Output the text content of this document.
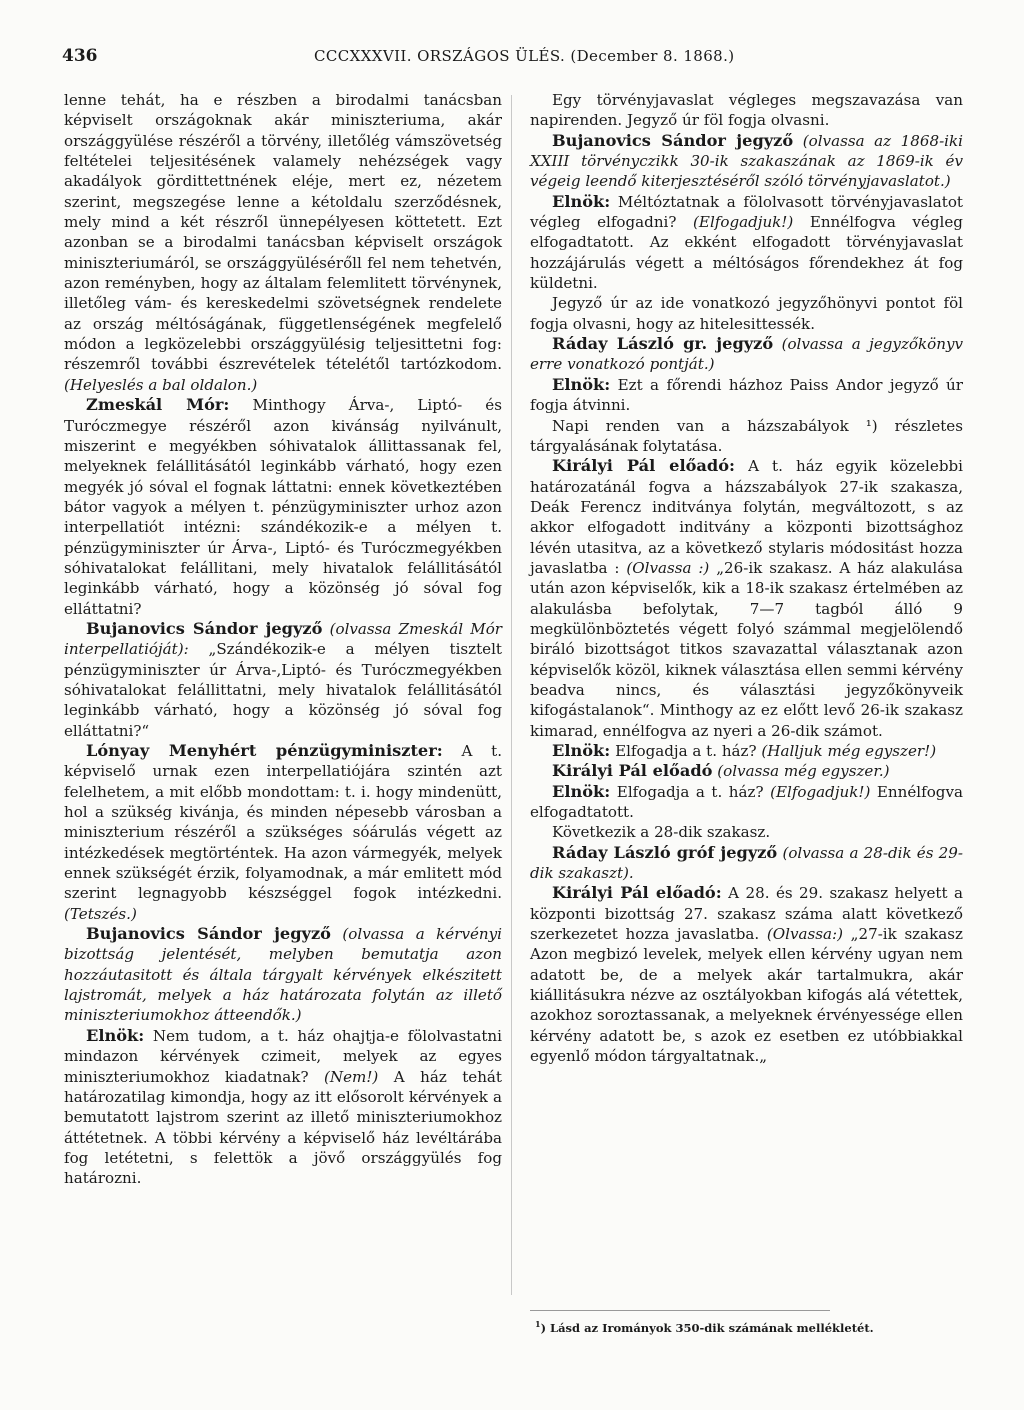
436	CCCXXXVII. ORSZÁGOS ÜLÉS. (December 8. 1868.)

lenne tehát, ha e részben a birodalmi tanácsban képviselt országoknak akár miniszteriuma, akár országgyülése részéről a törvény, illetőlég vámszövetség feltételei teljesitésének valamely nehézségek vagy akadályok gördittettnének eléje, mert ez, nézetem szerint, megszegése lenne a kétoldalu szerződésnek, mely mind a két részről ünnepélyesen köttetett. Ezt azonban se a birodalmi tanácsban képviselt országok miniszteriumáról, se országgyülésérőll fel nem tehetvén, azon reményben, hogy az általam felemlitett törvénynek, illetőleg vám- és kereskedelmi szövetségnek rendelete az ország méltóságának, függetlenségének megfelelő módon a legközelebbi országgyülésig teljesittetni fog: részemről további észrevételek tételétől tartózkodom. (Helyeslés a bal oldalon.)

Zmeskál Mór: Minthogy Árva-, Liptó- és Turóczmegye részéről azon kivánság nyilvánult, miszerint e megyékben sóhivatalok állittassanak fel, melyeknek felállitásától leginkább várható, hogy ezen megyék jó sóval el fognak láttatni: ennek következtében bátor vagyok a mélyen t. pénzügyminiszter urhoz azon interpellatiót intézni: szándékozik-e a mélyen t. pénzügyminiszter úr Árva-, Liptó- és Turóczmegyékben sóhivatalokat felállitani, mely hivatalok felállitásától leginkább várható, hogy a közönség jó sóval fog elláttatni?

Bujanovics Sándor jegyző (olvassa Zmeskál Mór interpellatióját): „Szándékozik-e a mélyen tisztelt pénzügyminiszter úr Árva-,Liptó- és Turóczmegyékben sóhivatalokat felállittatni, mely hivatalok felállitásától leginkább várható, hogy a közönség jó sóval fog elláttatni?“

Lónyay Menyhért pénzügyminiszter: A t. képviselő urnak ezen interpellatiójára szintén azt felelhetem, a mit előbb mondottam: t. i. hogy mindenütt, hol a szükség kivánja, és minden népesebb városban a miniszterium részéről a szükséges sóárulás végett az intézkedések megtörténtek. Ha azon vármegyék, melyek ennek szükségét érzik, folyamodnak, a már emlitett mód szerint legnagyobb készséggel fogok intézkedni. (Tetszés.)

Bujanovics Sándor jegyző (olvassa a kérvényi bizottság jelentését, melyben bemutatja azon hozzáutasitott és általa tárgyalt kérvények elkészitett lajstromát, melyek a ház határozata folytán az illető miniszteriumokhoz átteendők.)

Elnök: Nem tudom, a t. ház ohajtja-e fölolvastatni mindazon kérvények czimeit, melyek az egyes miniszteriumokhoz kiadatnak? (Nem!) A ház tehát határozatilag kimondja, hogy az itt elősorolt kérvények a bemutatott lajstrom szerint az illető miniszteriumokhoz áttétetnek. A többi kérvény a képviselő ház levéltárába fog letétetni, s felettök a jövő országgyülés fog határozni.

Egy törvényjavaslat végleges megszavazása van napirenden. Jegyző úr föl fogja olvasni.

Bujanovics Sándor jegyző (olvassa az 1868-iki XXIII törvényczikk 30-ik szakaszának az 1869-ik év végeig leendő kiterjesztéséről szóló törvényjavaslatot.)

Elnök: Méltóztatnak a fölolvasott törvényjavaslatot végleg elfogadni? (Elfogadjuk!) Ennélfogva végleg elfogadtatott. Az ekként elfogadott törvényjavaslat hozzájárulás végett a méltóságos főrendekhez át fog küldetni.

Jegyző úr az ide vonatkozó jegyzőhönyvi pontot föl fogja olvasni, hogy az hitelesittessék.

Ráday László gr. jegyző (olvassa a jegyzőkönyv erre vonatkozó pontját.)

Elnök: Ezt a főrendi házhoz Paiss Andor jegyző úr fogja átvinni.

Napi renden van a házszabályok ¹) részletes tárgyalásának folytatása.

Királyi Pál előadó: A t. ház egyik közelebbi határozatánál fogva a házszabályok 27-ik szakasza, Deák Ferencz inditványa folytán, megváltozott, s az akkor elfogadott inditvány a központi bizottsághoz lévén utasitva, az a következő stylaris módositást hozza javaslatba : (Olvassa :) „26-ik szakasz. A ház alakulása után azon képviselők, kik a 18-ik szakasz értelmében az alakulásba befolytak, 7—7 tagból álló 9 megkülönböztetés végett folyó számmal megjelölendő biráló bizottságot titkos szavazattal választanak azon képviselők közöl, kiknek választása ellen semmi kérvény beadva nincs, és választási jegyzőkönyveik kifogástalanok“. Minthogy az ez előtt levő 26-ik szakasz kimarad, ennélfogva az nyeri a 26-dik számot.

Elnök: Elfogadja a t. ház? (Halljuk még egyszer!)

Királyi Pál előadó (olvassa még egyszer.)

Elnök: Elfogadja a t. ház? (Elfogadjuk!) Ennélfogva elfogadtatott.

Következik a 28-dik szakasz.

Ráday László gróf jegyző (olvassa a 28-dik és 29-dik szakaszt).

Királyi Pál előadó: A 28. és 29. szakasz helyett a központi bizottság 27. szakasz száma alatt következő szerkezetet hozza javaslatba. (Olvassa:) „27-ik szakasz Azon megbizó levelek, melyek ellen kérvény ugyan nem adatott be, de a melyek akár tartalmukra, akár kiállitásukra nézve az osztályokban kifogás alá vétettek, azokhoz soroztassanak, a melyeknek érvényessége ellen kérvény adatott be, s azok ez esetben ez utóbbiakkal egyenlő módon tárgyaltatnak.„

$^1$) Lásd az Irományok 350-dik számának mellékletét.
